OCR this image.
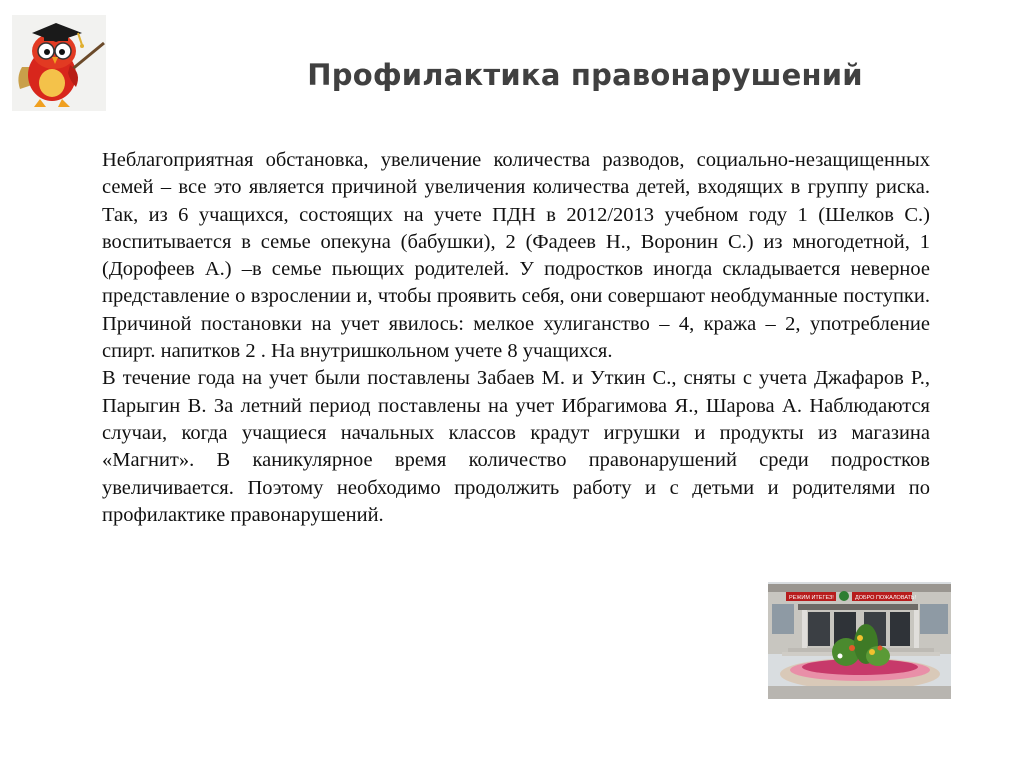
Профилактика правонарушений

Неблагоприятная обстановка, увеличение количества разводов, социально-незащищенных семей – все это является причиной увеличения количества детей, входящих в группу риска. Так, из 6 учащихся, состоящих на учете ПДН в 2012/2013 учебном году 1 (Шелков С.) воспитывается в семье опекуна (бабушки), 2 (Фадеев Н., Воронин С.) из многодетной, 1 (Дорофеев А.) –в семье пьющих родителей. У подростков иногда складывается неверное представление о взрослении и, чтобы проявить себя, они совершают необдуманные поступки. Причиной постановки на учет явилось: мелкое хулиганство – 4, кража – 2, употребление спирт. напитков 2 . На внутришкольном учете 8 учащихся.

В течение года на учет были поставлены Забаев М. и Уткин С., сняты с учета Джафаров Р., Парыгин В. За летний период поставлены на учет Ибрагимова Я., Шарова А. Наблюдаются случаи, когда учащиеся начальных классов крадут игрушки и продукты из магазина «Магнит». В каникулярное время количество правонарушений среди подростков увеличивается. Поэтому необходимо продолжить работу и с детьми и родителями по профилактике правонарушений.

РЕЖИМ ИТЕГЕЗ!	ДОБРО ПОЖАЛОВАТЬ!
